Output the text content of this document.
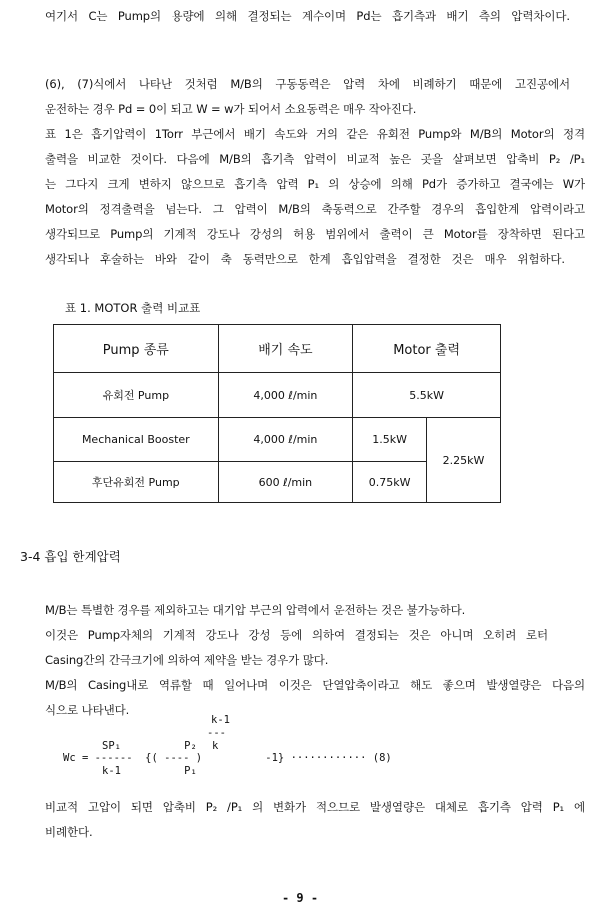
여기서 C는 Pump의 용량에 의해 결정되는 계수이며 Pd는 흡기측과 배기 측의 압력차이다.
(6), (7)식에서 나타난 것처럼 M/B의 구동동력은 압력 차에 비례하기 때문에 고진공에서
운전하는 경우 Pd = 0이 되고 W = w가 되어서 소요동력은 매우 작아진다.
표 1은 흡기압력이 1Torr 부근에서 배기 속도와 거의 같은 유회전 Pump와 M/B의 Motor의 정격
출력을 비교한 것이다. 다음에 M/B의 흡기측 압력이 비교적 높은 곳을 살펴보면 압축비 P₂ /P₁
는 그다지 크게 변하지 않으므로 흡기측 압력 P₁ 의 상승에 의해 Pd가 증가하고 결국에는 W가
Motor의 정격출력을 넘는다. 그 압력이 M/B의 축동력으로 간주할 경우의 흡입한계 압력이라고
생각되므로 Pump의 기계적 강도나 강성의 허용 범위에서 출력이 큰 Motor를 장착하면 된다고
생각되나 후술하는 바와 같이 축 동력만으로 한계 흡입압력을 결정한 것은 매우 위험하다.
표 1. MOTOR 출력 비교표
Pump 종류	배기 속도	Motor 출력	
유회전 Pump	4,000 ℓ/min	5.5kW	
Mechanical Booster	4,000 ℓ/min	1.5kW	2.25kW
후단유회전 Pump	600 ℓ/min	0.75kW	
3-4 흡입 한계압력
M/B는 특별한 경우를 제외하고는 대기압 부근의 압력에서 운전하는 것은 불가능하다.
이것은 Pump자체의 기계적 강도나 강성 등에 의하여 결정되는 것은 아니며 오히려 로터
Casing간의 간극크기에 의하여 제약을 받는 경우가 많다.
M/B의 Casing내로 역류할 때 일어나며 이것은 단열압축이라고 해도 좋으며 발생열량은 다음의
식으로 나타낸다.
k-1
---
k
SP₁          P₂
Wc = ------  {( ---- )          -1} ············ (8)
k-1          P₁
비교적 고압이 되면 압축비 P₂ /P₁ 의 변화가 적으므로 발생열량은 대체로 흡기측 압력 P₁ 에
비례한다.
- 9 -
